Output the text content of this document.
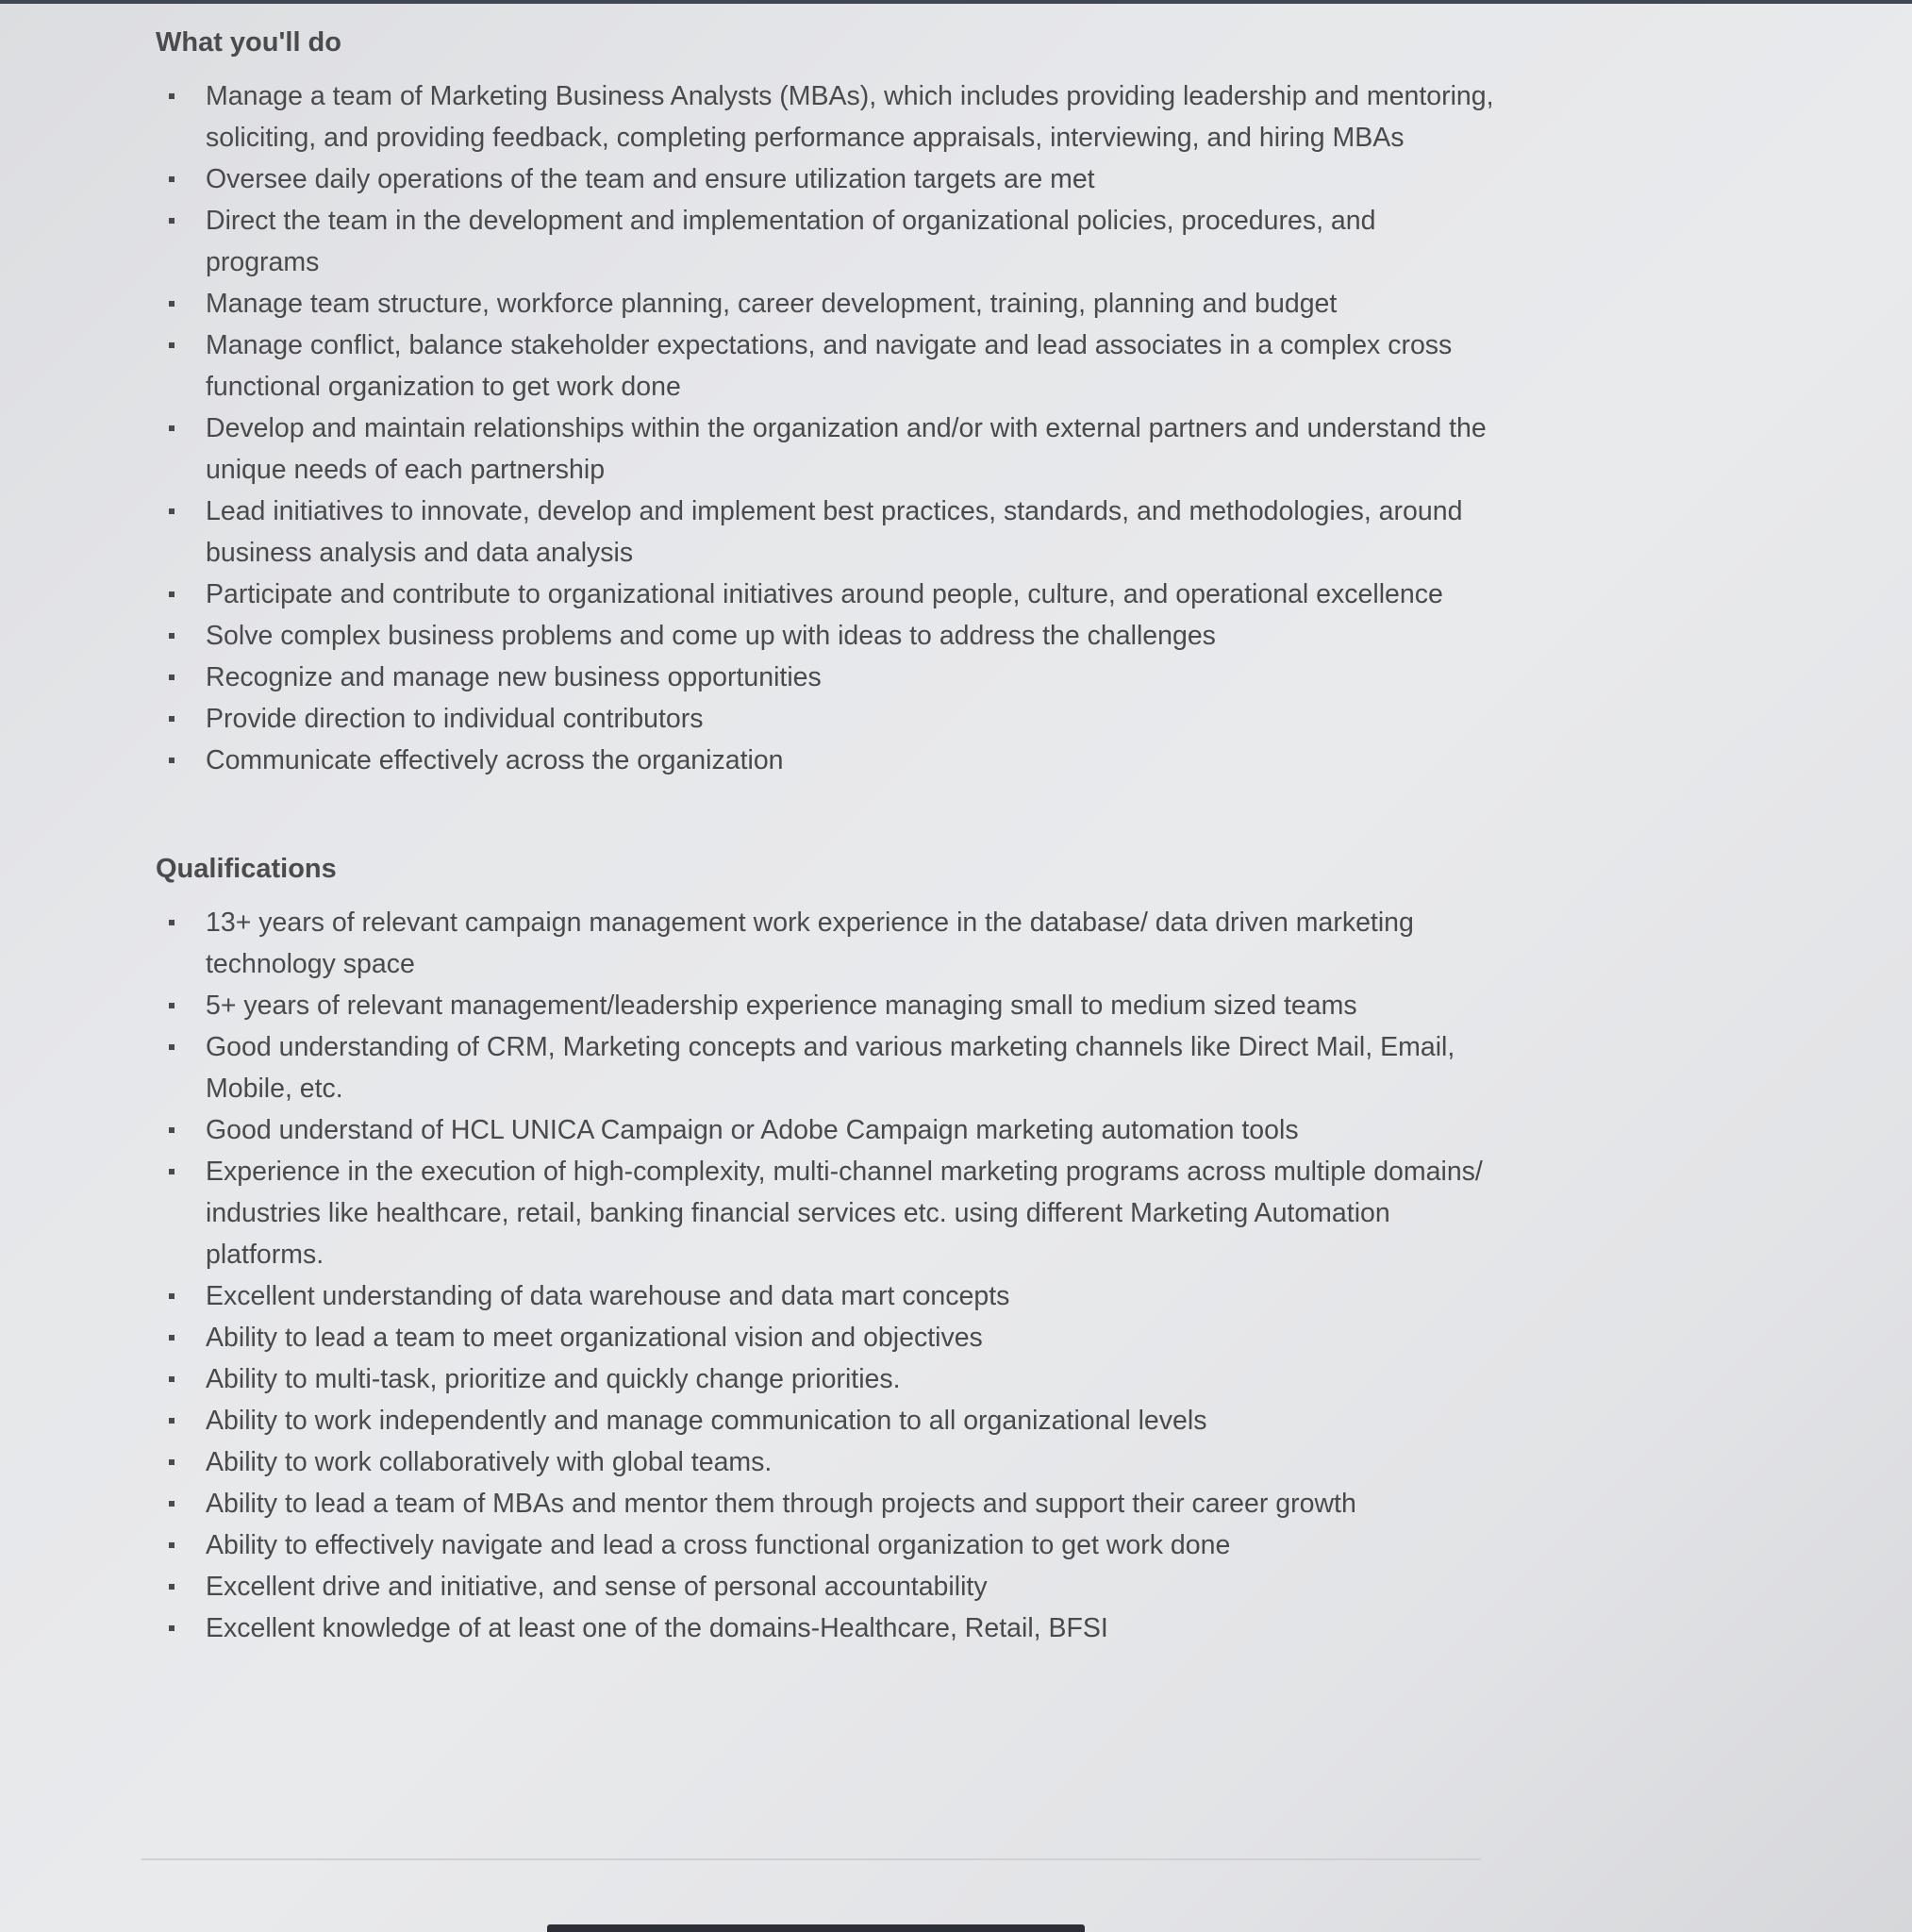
What you'll do
Manage a team of Marketing Business Analysts (MBAs), which includes providing leadership and mentoring, soliciting, and providing feedback, completing performance appraisals, interviewing, and hiring MBAs
Oversee daily operations of the team and ensure utilization targets are met
Direct the team in the development and implementation of organizational policies, procedures, and programs
Manage team structure, workforce planning, career development, training, planning and budget
Manage conflict, balance stakeholder expectations, and navigate and lead associates in a complex cross functional organization to get work done
Develop and maintain relationships within the organization and/or with external partners and understand the unique needs of each partnership
Lead initiatives to innovate, develop and implement best practices, standards, and methodologies, around business analysis and data analysis
Participate and contribute to organizational initiatives around people, culture, and operational excellence
Solve complex business problems and come up with ideas to address the challenges
Recognize and manage new business opportunities
Provide direction to individual contributors
Communicate effectively across the organization
Qualifications
13+ years of relevant campaign management work experience in the database/ data driven marketing technology space
5+ years of relevant management/leadership experience managing small to medium sized teams
Good understanding of CRM, Marketing concepts and various marketing channels like Direct Mail, Email, Mobile, etc.
Good understand of HCL UNICA Campaign or Adobe Campaign marketing automation tools
Experience in the execution of high-complexity, multi-channel marketing programs across multiple domains/ industries like healthcare, retail, banking financial services etc. using different Marketing Automation platforms.
Excellent understanding of data warehouse and data mart concepts
Ability to lead a team to meet organizational vision and objectives
Ability to multi-task, prioritize and quickly change priorities.
Ability to work independently and manage communication to all organizational levels
Ability to work collaboratively with global teams.
Ability to lead a team of MBAs and mentor them through projects and support their career growth
Ability to effectively navigate and lead a cross functional organization to get work done
Excellent drive and initiative, and sense of personal accountability
Excellent knowledge of at least one of the domains-Healthcare, Retail, BFSI
